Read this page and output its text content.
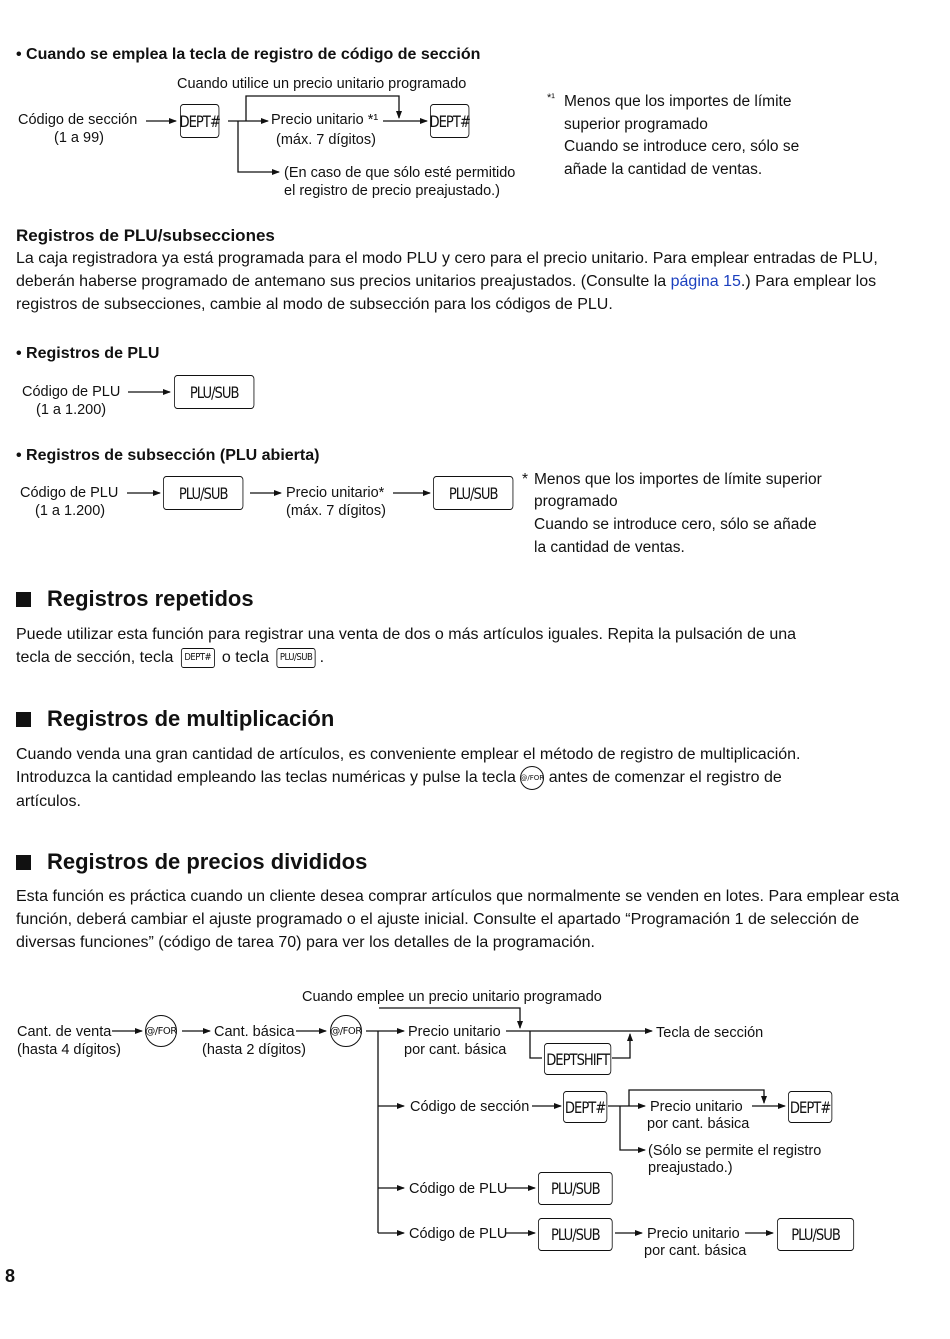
• Cuando se emplea la tecla de registro de código de sección
Cuando utilice un precio unitario programado
Código de sección
(1 a 99)
DEPT#	Precio unitario *¹
(máx. 7 dígitos)
DEPT#
(En caso de que sólo esté permitido
el registro de precio preajustado.)
*¹ Menos que los importes de límite
superior programado
Cuando se introduce cero, sólo se
añade la cantidad de ventas.
Registros de PLU/subsecciones
La caja registradora ya está programada para el modo PLU y cero para el precio unitario. Para emplear entradas de PLU, deberán haberse programado de antemano sus precios unitarios preajustados. (Consulte la página 15.) Para emplear los registros de subsecciones, cambie al modo de subsección para los códigos de PLU.
• Registros de PLU
Código de PLU
(1 a 1.200)
PLU/SUB
• Registros de subsección (PLU abierta)
Código de PLU
(1 a 1.200)
PLU/SUB	Precio unitario*
(máx. 7 dígitos)
PLU/SUB
* Menos que los importes de límite superior
programado
Cuando se introduce cero, sólo se añade
la cantidad de ventas.
Registros repetidos
Puede utilizar esta función para registrar una venta de dos o más artículos iguales. Repita la pulsación de una
tecla de sección, tecla DEPT# o tecla PLU/SUB .
Registros de multiplicación
Cuando venda una gran cantidad de artículos, es conveniente emplear el método de registro de multiplicación.
Introduzca la cantidad empleando las teclas numéricas y pulse la tecla @/FOR antes de comenzar el registro de
artículos.
Registros de precios divididos
Esta función es práctica cuando un cliente desea comprar artículos que normalmente se venden en lotes. Para emplear esta función, deberá cambiar el ajuste programado o el ajuste inicial. Consulte el apartado “Programación 1 de selección de diversas funciones” (código de tarea 70) para ver los detalles de la programación.
Cuando emplee un precio unitario programado
Cant. de venta
(hasta 4 dígitos)
@/FOR	Cant. básica
(hasta 2 dígitos)
@/FOR	Precio unitario
por cant. básica DEPTSHIFT
Tecla de sección
Código de sección DEPT#	Precio unitario
por cant. básica
DEPT#
(Sólo se permite el registro
preajustado.)
Código de PLU	PLU/SUB
Código de PLU	PLU/SUB	Precio unitario
por cant. básica
PLU/SUB
8
